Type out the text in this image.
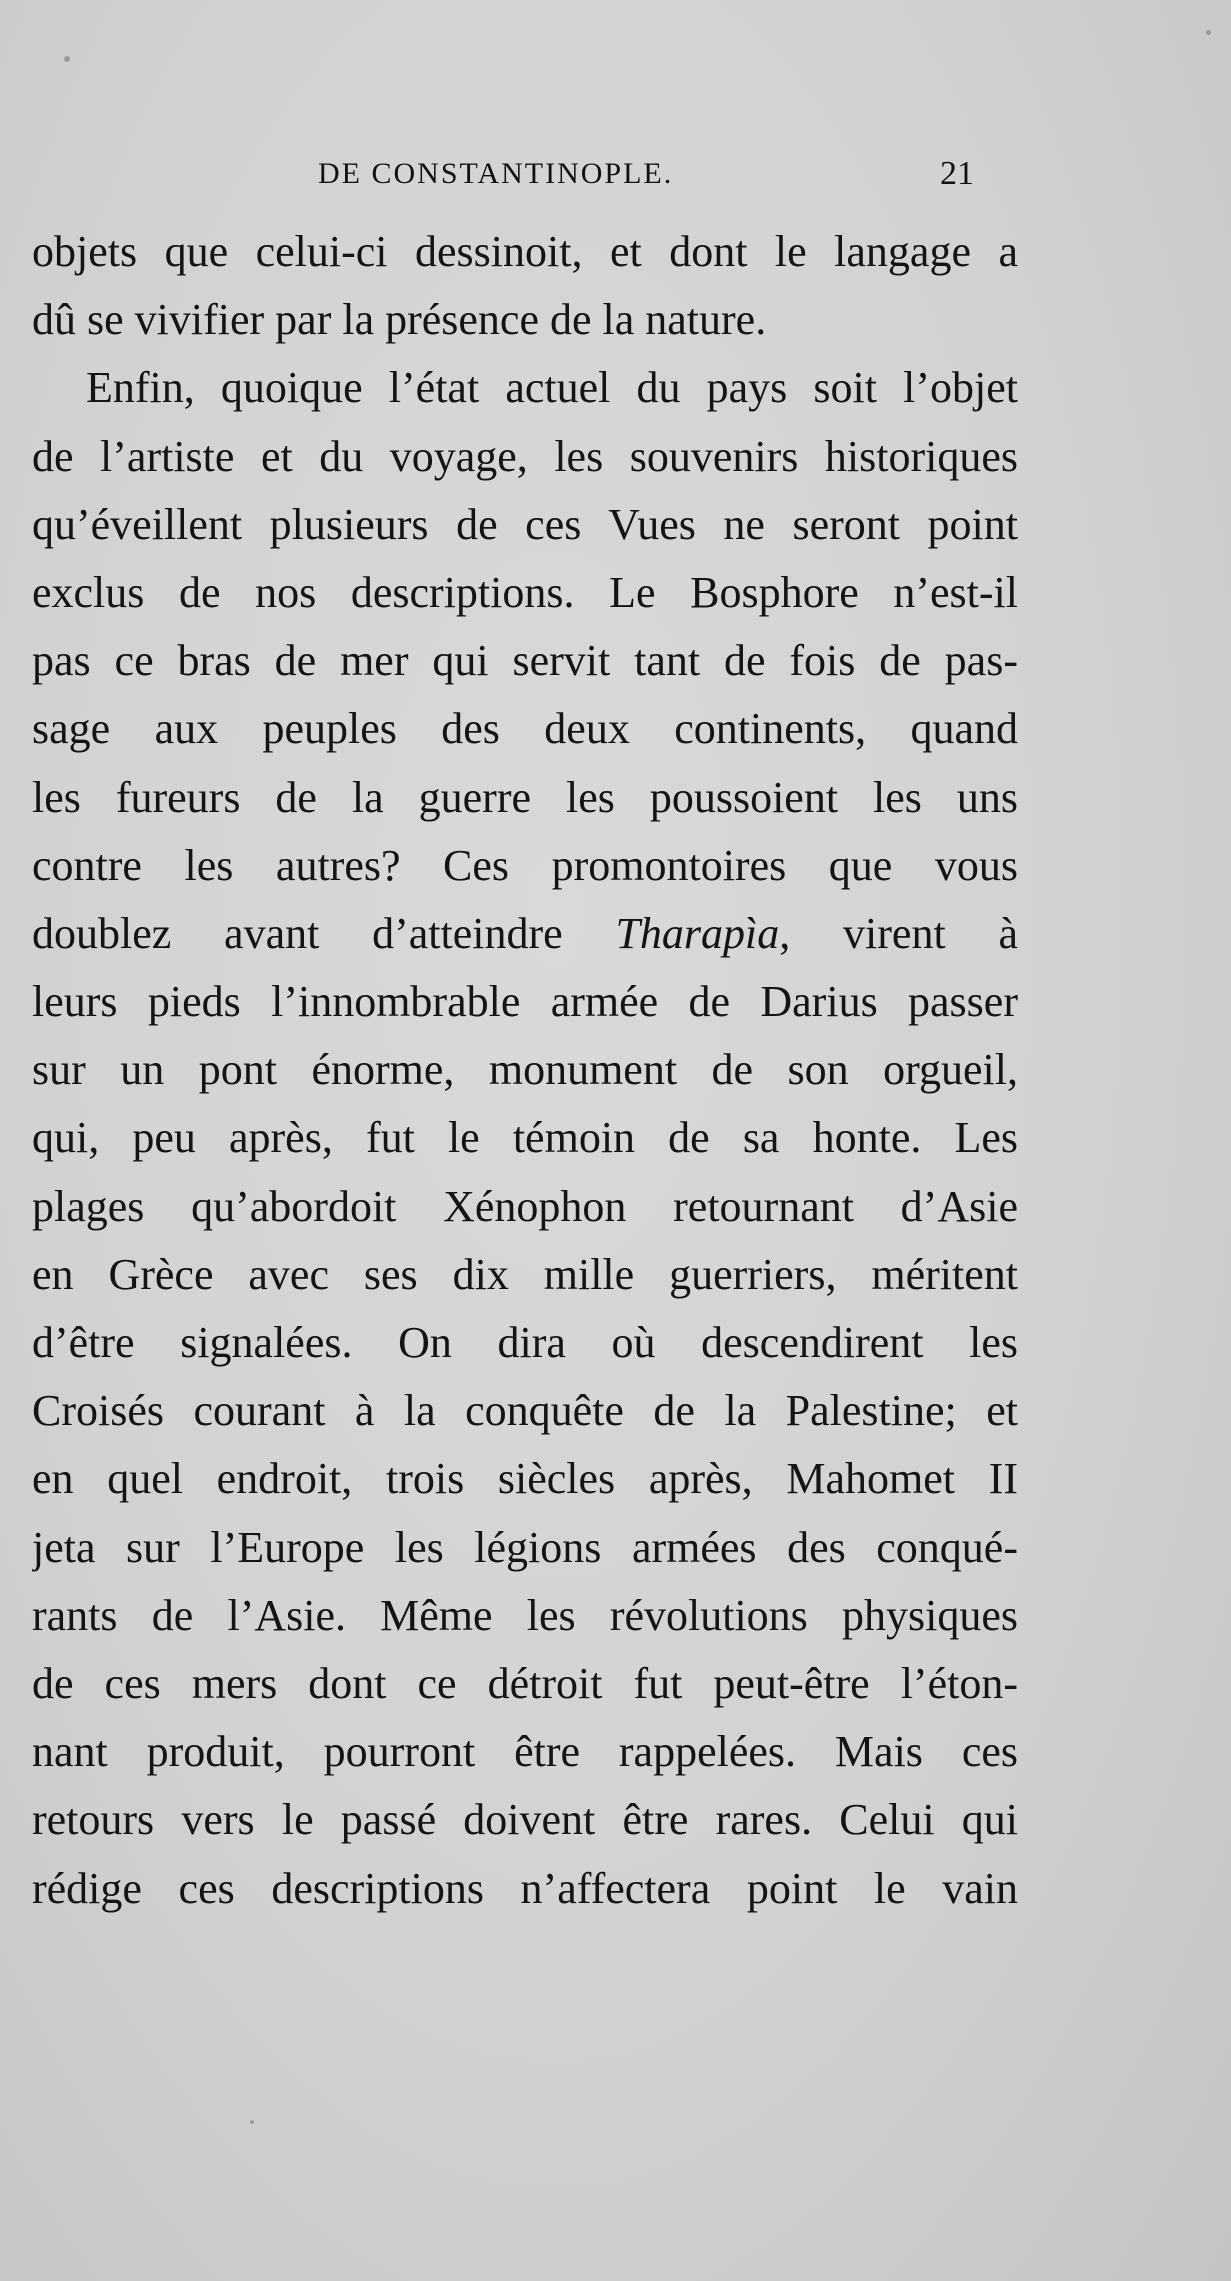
DE CONSTANTINOPLE.	21
objets que celui-ci dessinoit, et dont le langage a
dû se vivifier par la présence de la nature.
Enfin, quoique l’état actuel du pays soit l’objet
de l’artiste et du voyage, les souvenirs historiques
qu’éveillent plusieurs de ces Vues ne seront point
exclus de nos descriptions. Le Bosphore n’est-il
pas ce bras de mer qui servit tant de fois de pas-
sage aux peuples des deux continents, quand
les fureurs de la guerre les poussoient les uns
contre les autres? Ces promontoires que vous
doublez avant d’atteindre Tharapìa, virent à
leurs pieds l’innombrable armée de Darius passer
sur un pont énorme, monument de son orgueil,
qui, peu après, fut le témoin de sa honte. Les
plages qu’abordoit Xénophon retournant d’Asie
en Grèce avec ses dix mille guerriers, méritent
d’être signalées. On dira où descendirent les
Croisés courant à la conquête de la Palestine; et
en quel endroit, trois siècles après, Mahomet II
jeta sur l’Europe les légions armées des conqué-
rants de l’Asie. Même les révolutions physiques
de ces mers dont ce détroit fut peut-être l’éton-
nant produit, pourront être rappelées. Mais ces
retours vers le passé doivent être rares. Celui qui
rédige ces descriptions n’affectera point le vain
